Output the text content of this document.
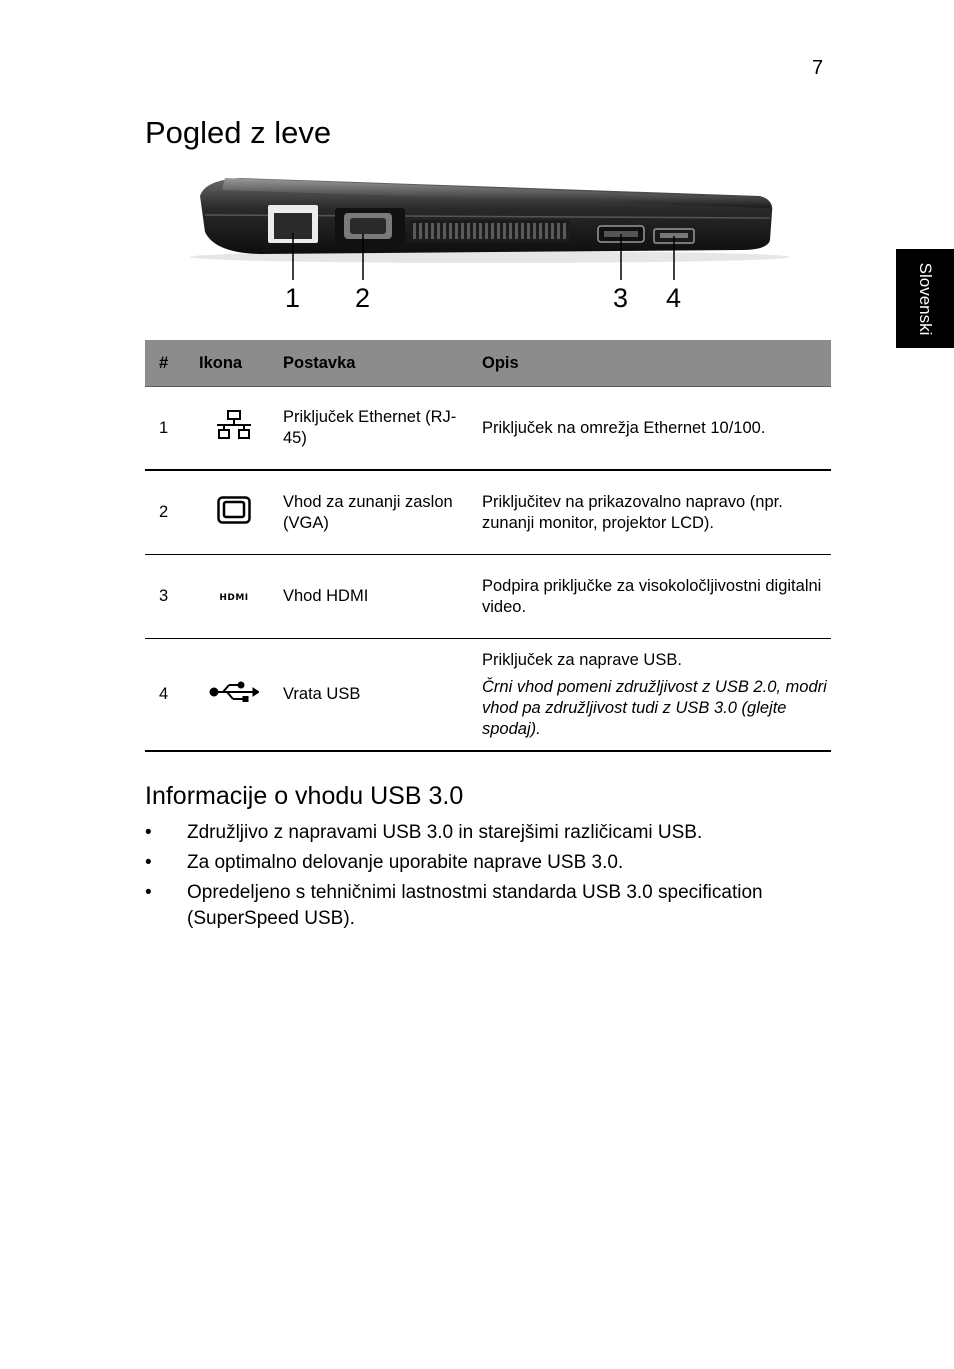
7
Slovenski
Pogled z leve
1 2	3 4
#	Ikona	Postavka	Opis
1		Priključek Ethernet (RJ-45)	Priključek na omrežja Ethernet 10/100.
2		Vhod za zunanji zaslon (VGA)	Priključitev na prikazovalno napravo (npr. zunanji monitor, projektor LCD).
3	HDMI	Vhod HDMI	Podpira priključke za visokoločljivostni digitalni video.
4		Vrata USB	Priključek za naprave USB.
Črni vhod pomeni združljivost z USB 2.0, modri vhod pa združljivost tudi z USB 3.0 (glejte spodaj).
Informacije o vhodu USB 3.0
• Združljivo z napravami USB 3.0 in starejšimi različicami USB.
• Za optimalno delovanje uporabite naprave USB 3.0.
• Opredeljeno s tehničnimi lastnostmi standarda USB 3.0 specification (SuperSpeed USB).
